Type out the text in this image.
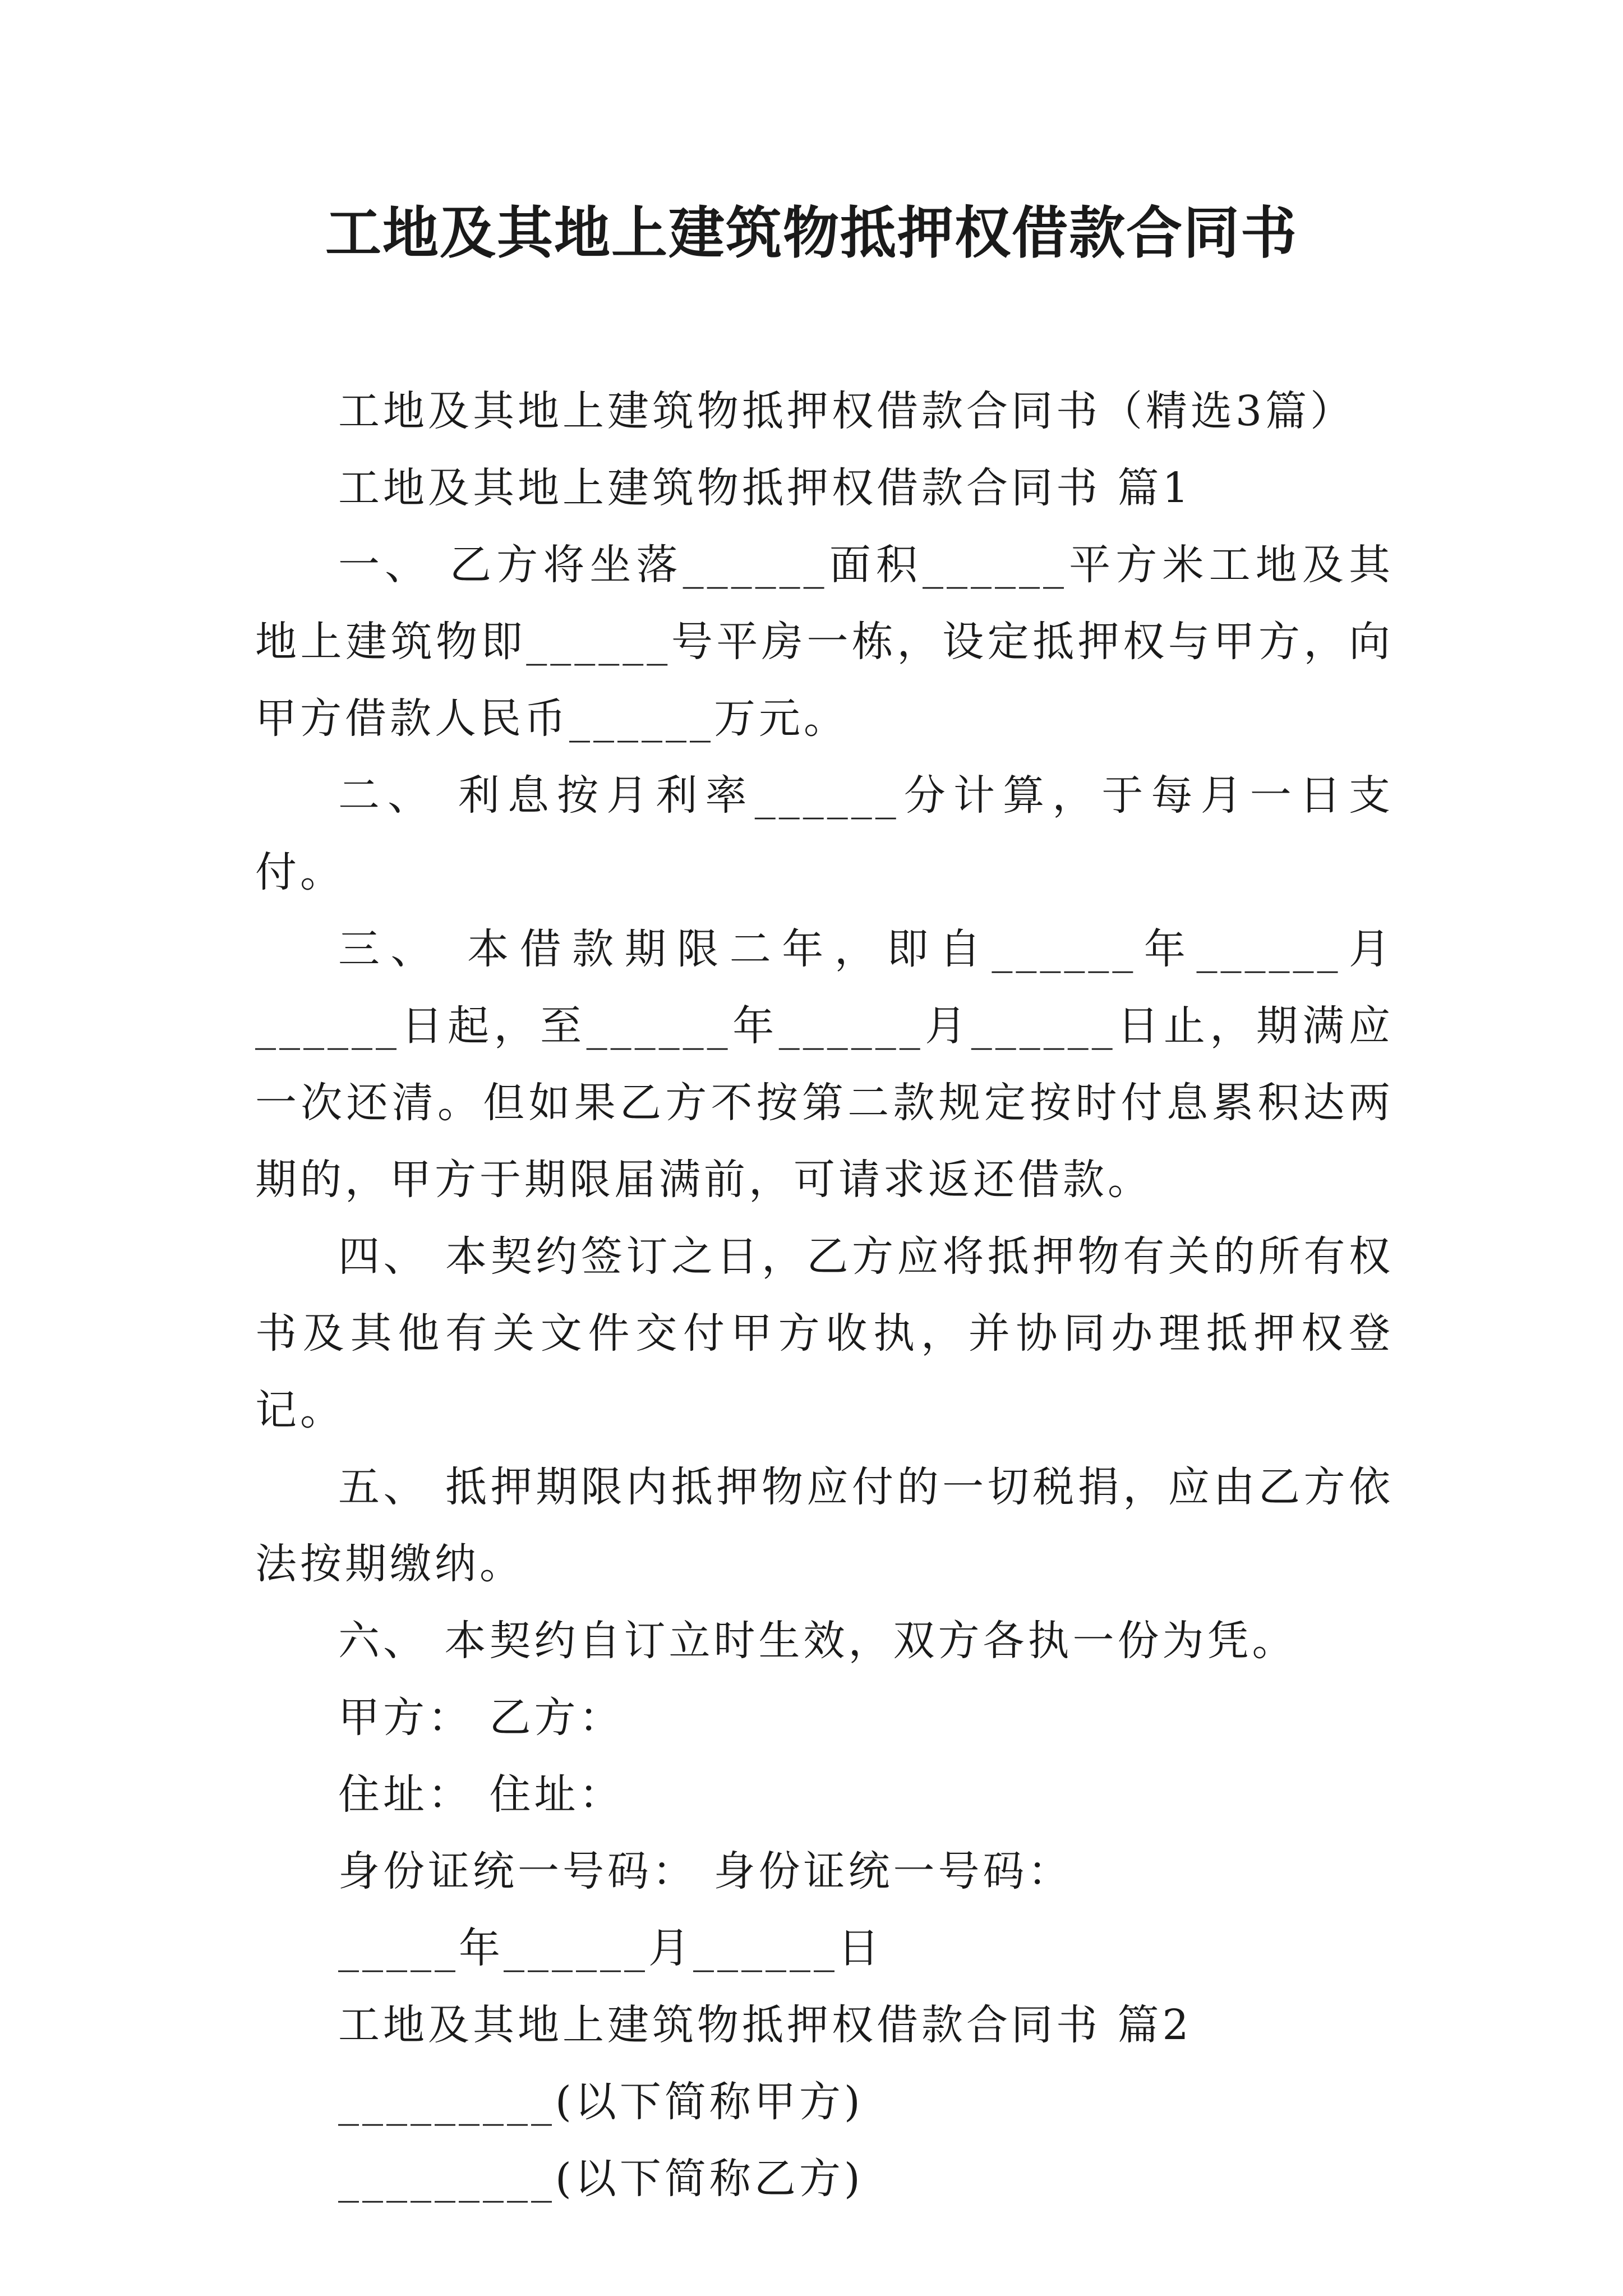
工地及其地上建筑物抵押权借款合同书

工地及其地上建筑物抵押权借款合同书（精选3篇）

工地及其地上建筑物抵押权借款合同书 篇1

一、 乙方将坐落______面积______平方米工地及其地上建筑物即______号平房一栋，设定抵押权与甲方，向甲方借款人民币______万元。

二、 利息按月利率______分计算，于每月一日支付。

三、 本借款期限二年，即自______年______月______日起，至______年______月______日止，期满应一次还清。但如果乙方不按第二款规定按时付息累积达两期的，甲方于期限届满前，可请求返还借款。

四、 本契约签订之日，乙方应将抵押物有关的所有权书及其他有关文件交付甲方收执，并协同办理抵押权登记。

五、 抵押期限内抵押物应付的一切税捐，应由乙方依法按期缴纳。

六、 本契约自订立时生效，双方各执一份为凭。

甲方： 乙方：

住址： 住址：

身份证统一号码： 身份证统一号码：

_____年______月______日

工地及其地上建筑物抵押权借款合同书 篇2

_________(以下简称甲方)

_________(以下简称乙方)
